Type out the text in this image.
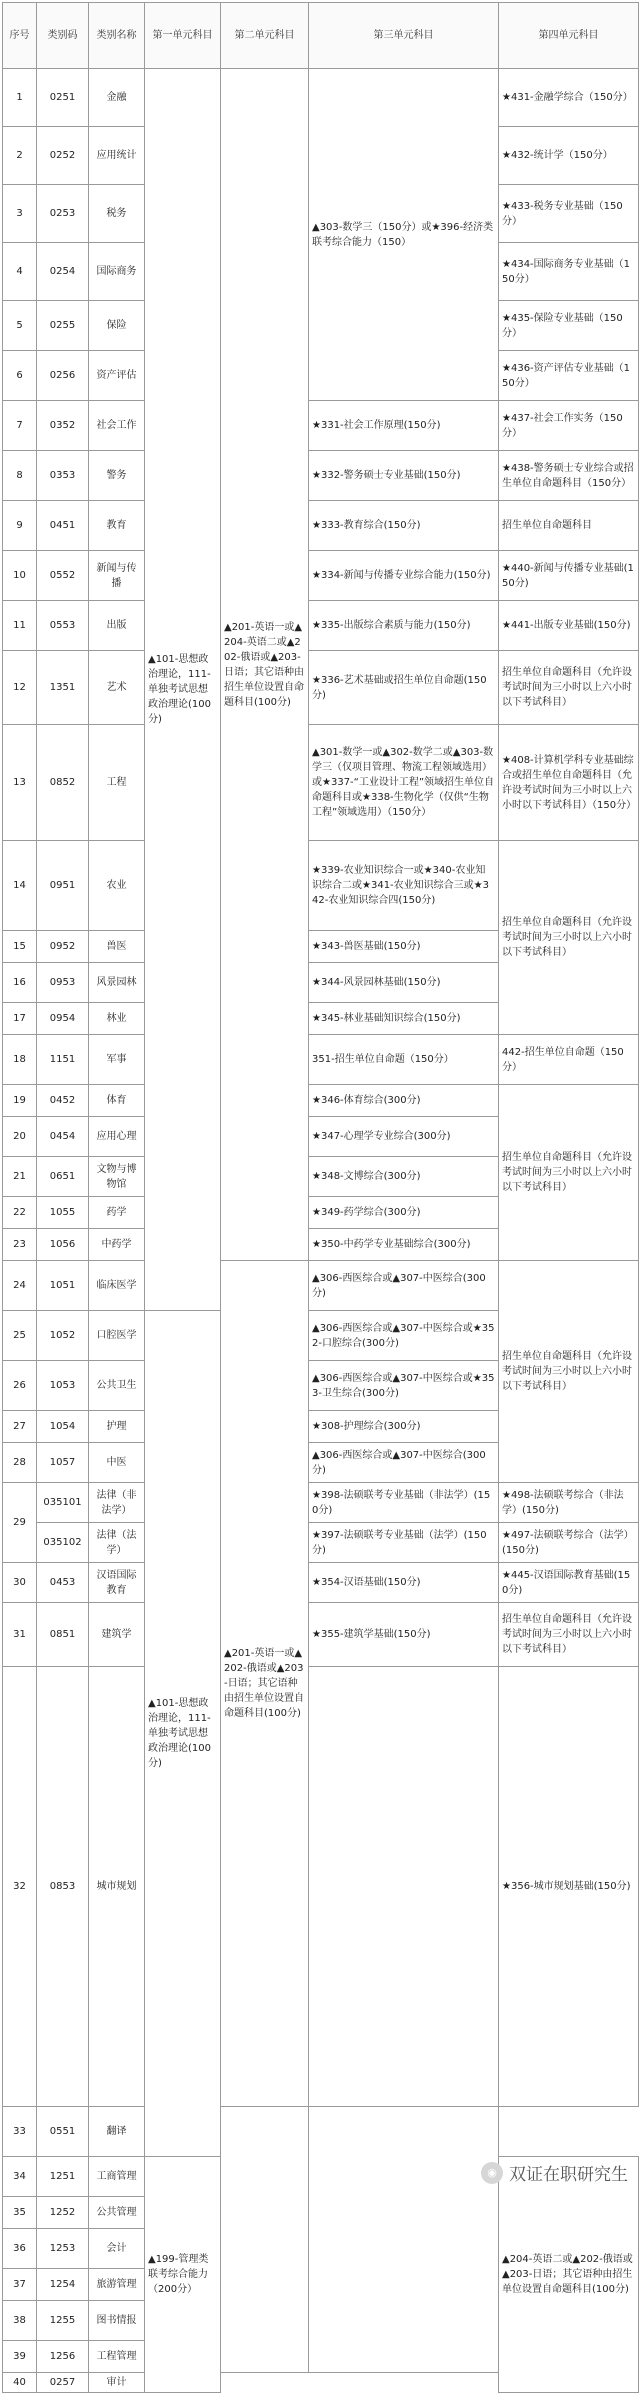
序号	类别码	类别名称	第一单元科目	第二单元科目	第三单元科目	第四单元科目	
1	0251	金融	▲101-思想政治理论，111-单独考试思想政治理论(100分)	▲201-英语一或▲204-英语二或▲202-俄语或▲203-日语；其它语种由招生单位设置自命题科目(100分)	▲303-数学三（150分）或★396-经济类联考综合能力（150）	★431-金融学综合（150分）	
2	0252	应用统计				★432-统计学（150分）	
3	0253	税务				★433-税务专业基础（150分）	
4	0254	国际商务				★434-国际商务专业基础（150分）	
5	0255	保险				★435-保险专业基础（150分）	
6	0256	资产评估				★436-资产评估专业基础（150分）	
7	0352	社会工作			★331-社会工作原理(150分)	★437-社会工作实务（150分）	
8	0353	警务			★332-警务硕士专业基础(150分)	★438-警务硕士专业综合或招生单位自命题科目（150分）	
9	0451	教育			★333-教育综合(150分)	招生单位自命题科目	
10	0552	新闻与传播			★334-新闻与传播专业综合能力(150分)	★440-新闻与传播专业基础(150分)	
11	0553	出版			★335-出版综合素质与能力(150分)	★441-出版专业基础(150分)	
12	1351	艺术			★336-艺术基础或招生单位自命题(150分)	招生单位自命题科目（允许设考试时间为三小时以上六小时以下考试科目）	
13	0852	工程			▲301-数学一或▲302-数学二或▲303-数学三（仅项目管理、物流工程领域选用）或★337-“工业设计工程”领域招生单位自命题科目或★338-生物化学（仅供“生物工程”领域选用）（150分）	★408-计算机学科专业基础综合或招生单位自命题科目（允许设考试时间为三小时以上六小时以下考试科目）（150分）	
14	0951	农业			★339-农业知识综合一或★340-农业知识综合二或★341-农业知识综合三或★342-农业知识综合四(150分)	招生单位自命题科目（允许设考试时间为三小时以上六小时以下考试科目）	
15	0952	兽医			★343-兽医基础(150分)		
16	0953	风景园林			★344-风景园林基础(150分)		
17	0954	林业			★345-林业基础知识综合(150分)		
18	1151	军事			351-招生单位自命题（150分）	442-招生单位自命题（150分）	
19	0452	体育			★346-体育综合(300分)	招生单位自命题科目（允许设考试时间为三小时以上六小时以下考试科目）	
20	0454	应用心理			★347-心理学专业综合(300分)		
21	0651	文物与博物馆			★348-文博综合(300分)		
22	1055	药学			★349-药学综合(300分)		
23	1056	中药学			★350-中药学专业基础综合(300分)		
24	1051	临床医学		▲201-英语一或▲202-俄语或▲203-日语；其它语种由招生单位设置自命题科目(100分)	▲306-西医综合或▲307-中医综合(300分)	招生单位自命题科目（允许设考试时间为三小时以上六小时以下考试科目）	
25	1052	口腔医学	▲101-思想政治理论，111-单独考试思想政治理论(100分)		▲306-西医综合或▲307-中医综合或★352-口腔综合(300分)		
26	1053	公共卫生			▲306-西医综合或▲307-中医综合或★353-卫生综合(300分)		
27	1054	护理			★308-护理综合(300分)		
28	1057	中医			▲306-西医综合或▲307-中医综合(300分)		
29	035101	法律（非法学）			★398-法硕联考专业基础（非法学）(150分)	★498-法硕联考综合（非法学）(150分)	
	035102	法律（法学）			★397-法硕联考专业基础（法学）(150分)	★497-法硕联考综合（法学）(150分)	
30	0453	汉语国际教育			★354-汉语基础(150分)	★445-汉语国际教育基础(150分)	
31	0851	建筑学			★355-建筑学基础(150分)	招生单位自命题科目（允许设考试时间为三小时以上六小时以下考试科目）	
32	0853	城市规划				★356-城市规划基础(150分)	
33	0551	翻译					
34	1251	工商管理	▲199-管理类联考综合能力（200分）			▲204-英语二或▲202-俄语或▲203-日语；其它语种由招生单位设置自命题科目(100分)	
35	1252	公共管理					
36	1253	会计					
37	1254	旅游管理					
38	1255	图书情报					
39	1256	工程管理					
40	0257	审计					
◉ 双证在职研究生
